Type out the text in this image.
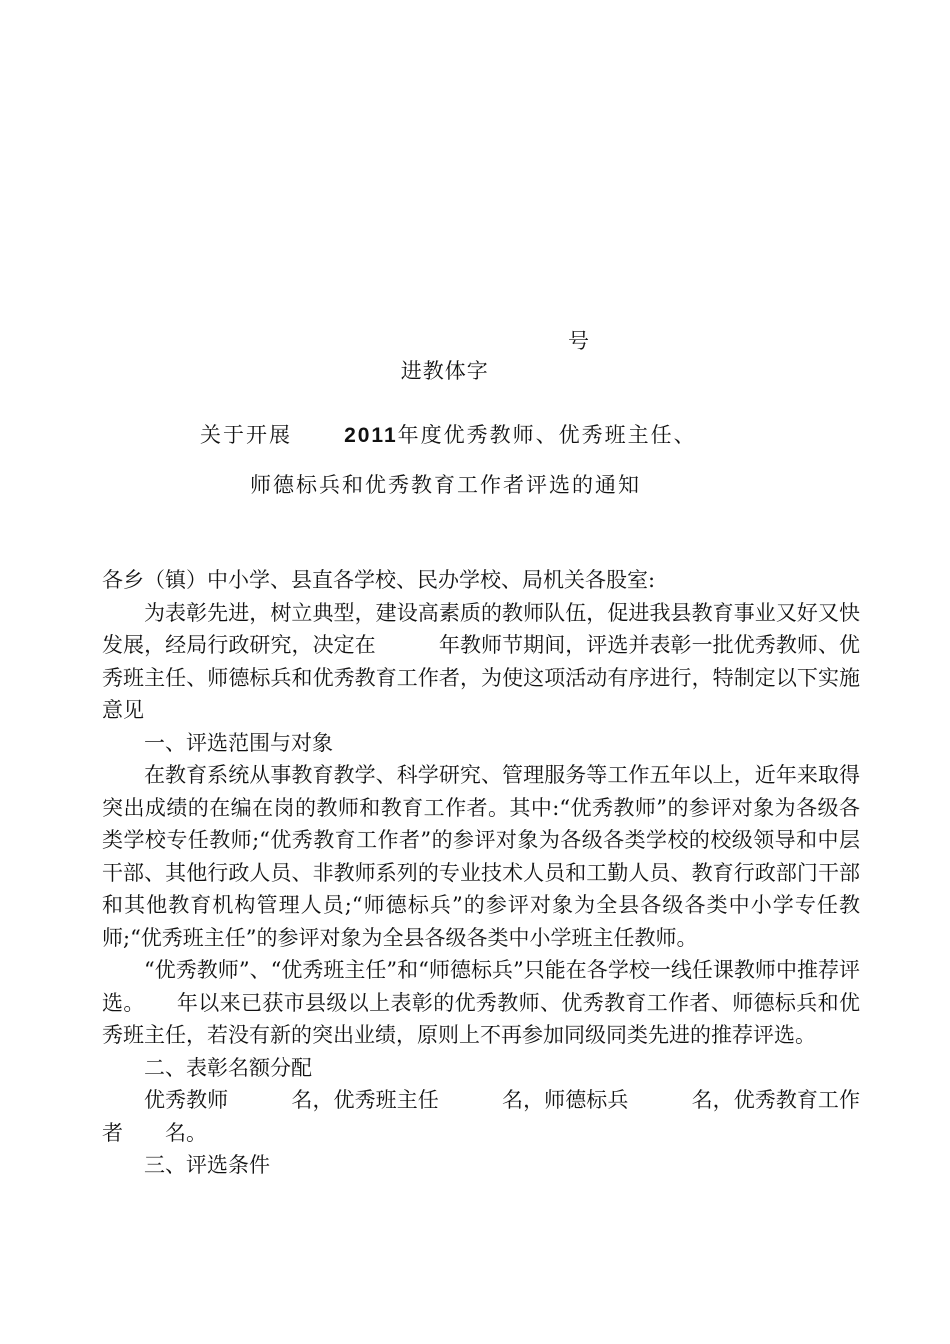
进教体字

号

关于开展 2011年度优秀教师、优秀班主任、
师德标兵和优秀教育工作者评选的通知

各乡（镇）中小学、县直各学校、民办学校、局机关各股室:

为表彰先进，树立典型，建设高素质的教师队伍，促进我县教育事业又好又快发展，经局行政研究，决定在　　　年教师节期间，评选并表彰一批优秀教师、优秀班主任、师德标兵和优秀教育工作者，为使这项活动有序进行，特制定以下实施意见

一、评选范围与对象

在教育系统从事教育教学、科学研究、管理服务等工作五年以上，近年来取得突出成绩的在编在岗的教师和教育工作者。其中:“优秀教师”的参评对象为各级各类学校专任教师;“优秀教育工作者”的参评对象为各级各类学校的校级领导和中层干部、其他行政人员、非教师系列的专业技术人员和工勤人员、教育行政部门干部和其他教育机构管理人员;“师德标兵”的参评对象为全县各级各类中小学专任教师;“优秀班主任”的参评对象为全县各级各类中小学班主任教师。

“优秀教师”、“优秀班主任”和“师德标兵”只能在各学校一线任课教师中推荐评选。　　年以来已获市县级以上表彰的优秀教师、优秀教育工作者、师德标兵和优秀班主任，若没有新的突出业绩，原则上不再参加同级同类先进的推荐评选。

二、表彰名额分配

优秀教师　　　名，优秀班主任　　　名，师德标兵　　　名，优秀教育工作者　　名。

三、评选条件
